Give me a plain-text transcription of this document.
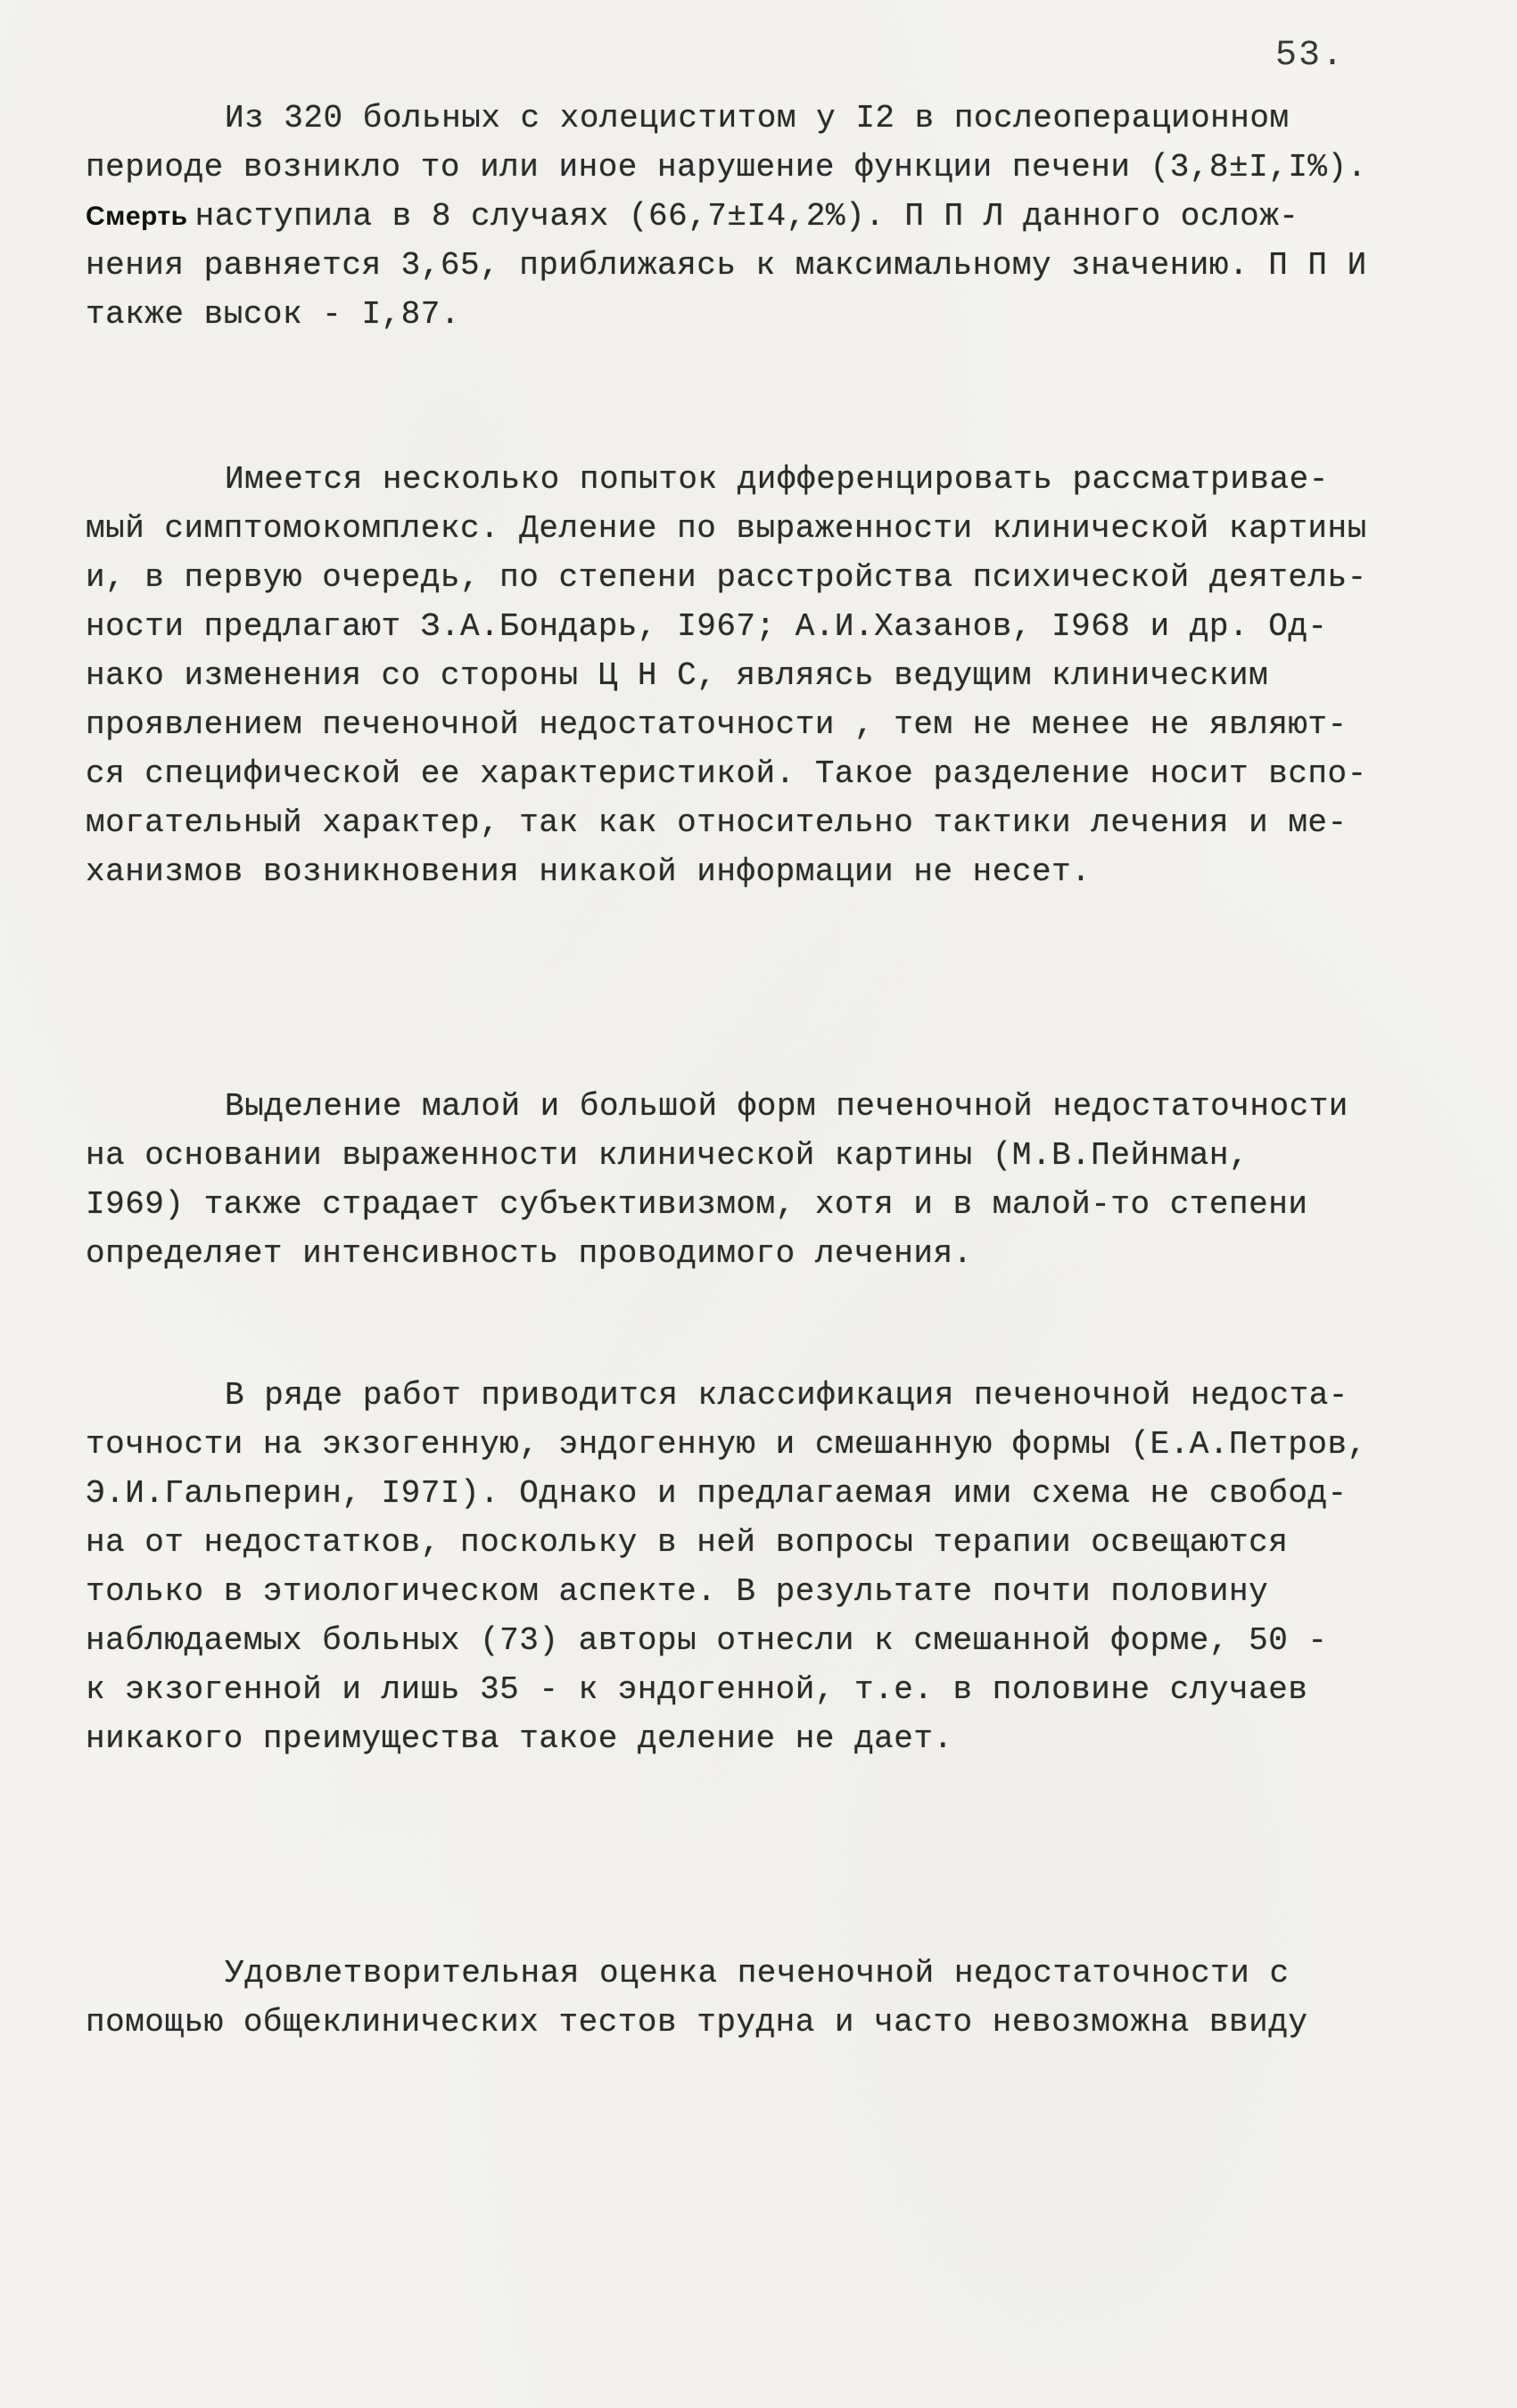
53.
Из 320 больных с холециститом у I2 в послеоперационном
периоде возникло то или иное нарушение функции печени (3,8±I,I%).
Смерть наступила в 8 случаях (66,7±I4,2%). П П Л данного ослож-
нения равняется 3,65, приближаясь к максимальному значению. П П И
также высок - I,87.
Имеется несколько попыток дифференцировать рассматривае-
мый симптомокомплекс. Деление по выраженности клинической картины
и, в первую очередь, по степени расстройства психической деятель-
ности предлагают З.А.Бондарь, I967; А.И.Хазанов, I968 и др. Од-
нако изменения со стороны Ц Н С, являясь ведущим клиническим
проявлением печеночной недостаточности , тем не менее не являют-
ся специфической ее характеристикой. Такое разделение носит вспо-
могательный характер, так как относительно тактики лечения и ме-
ханизмов возникновения никакой информации не несет.
Выделение малой и большой форм печеночной недостаточности
на основании выраженности клинической картины (М.В.Пейнман,
I969) также страдает субъективизмом, хотя и в малой-то степени
определяет интенсивность проводимого лечения.
В ряде работ приводится классификация печеночной недоста-
точности на экзогенную, эндогенную и смешанную формы (Е.А.Петров,
Э.И.Гальперин, I97I). Однако и предлагаемая ими схема не свобод-
на от недостатков, поскольку в ней вопросы терапии освещаются
только в этиологическом аспекте. В результате почти половину
наблюдаемых больных (73) авторы отнесли к смешанной форме, 50 -
к экзогенной и лишь 35 - к эндогенной, т.е. в половине случаев
никакого преимущества такое деление не дает.
Удовлетворительная оценка печеночной недостаточности с
помощью общеклинических тестов трудна и часто невозможна ввиду
